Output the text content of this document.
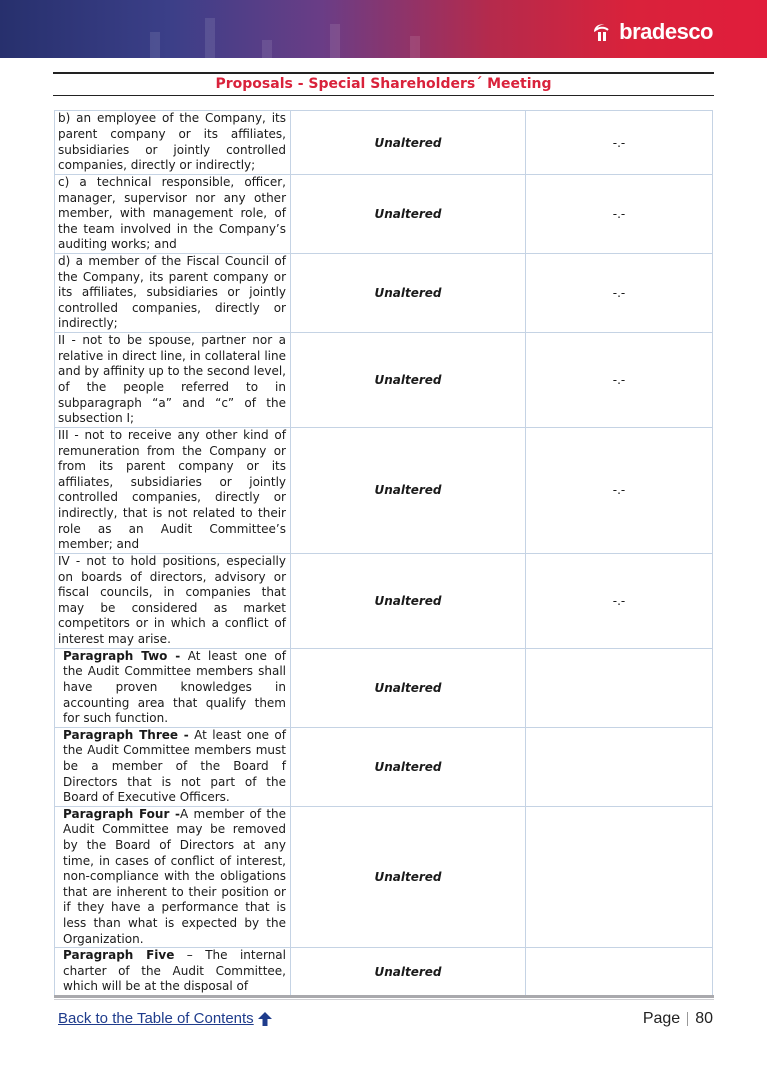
bradesco
Proposals - Special Shareholders´ Meeting
b) an employee of the Company, its parent company or its affiliates, subsidiaries or jointly controlled companies, directly or indirectly;	Unaltered	-.-
c) a technical responsible, officer, manager, supervisor nor any other member, with management role, of the team involved in the Company’s auditing works; and	Unaltered	-.-
d) a member of the Fiscal Council of the Company, its parent company or its affiliates, subsidiaries or jointly controlled companies, directly or indirectly;	Unaltered	-.-
II - not to be spouse, partner nor a relative in direct line, in collateral line and by affinity up to the second level, of the people referred to in subparagraph “a” and “c” of the subsection I;	Unaltered	-.-
III - not to receive any other kind of remuneration from the Company or from its parent company or its affiliates, subsidiaries or jointly controlled companies, directly or indirectly, that is not related to their role as an Audit Committee’s member; and	Unaltered	-.-
IV - not to hold positions, especially on boards of directors, advisory or fiscal councils, in companies that may be considered as market competitors or in which a conflict of interest may arise.	Unaltered	-.-
Paragraph Two - At least one of the Audit Committee members shall have proven knowledges in accounting area that qualify them for such function.	Unaltered	
Paragraph Three - At least one of the Audit Committee members must be a member of the Board f Directors that is not part of the Board of Executive Officers.	Unaltered	
Paragraph Four -A member of the Audit Committee may be removed by the Board of Directors at any time, in cases of conflict of interest, non-compliance with the obligations that are inherent to their position or if they have a performance that is less than what is expected by the Organization.	Unaltered	
Paragraph Five – The internal charter of the Audit Committee, which will be at the disposal of	Unaltered	
Back to the Table of Contents	Page 80
